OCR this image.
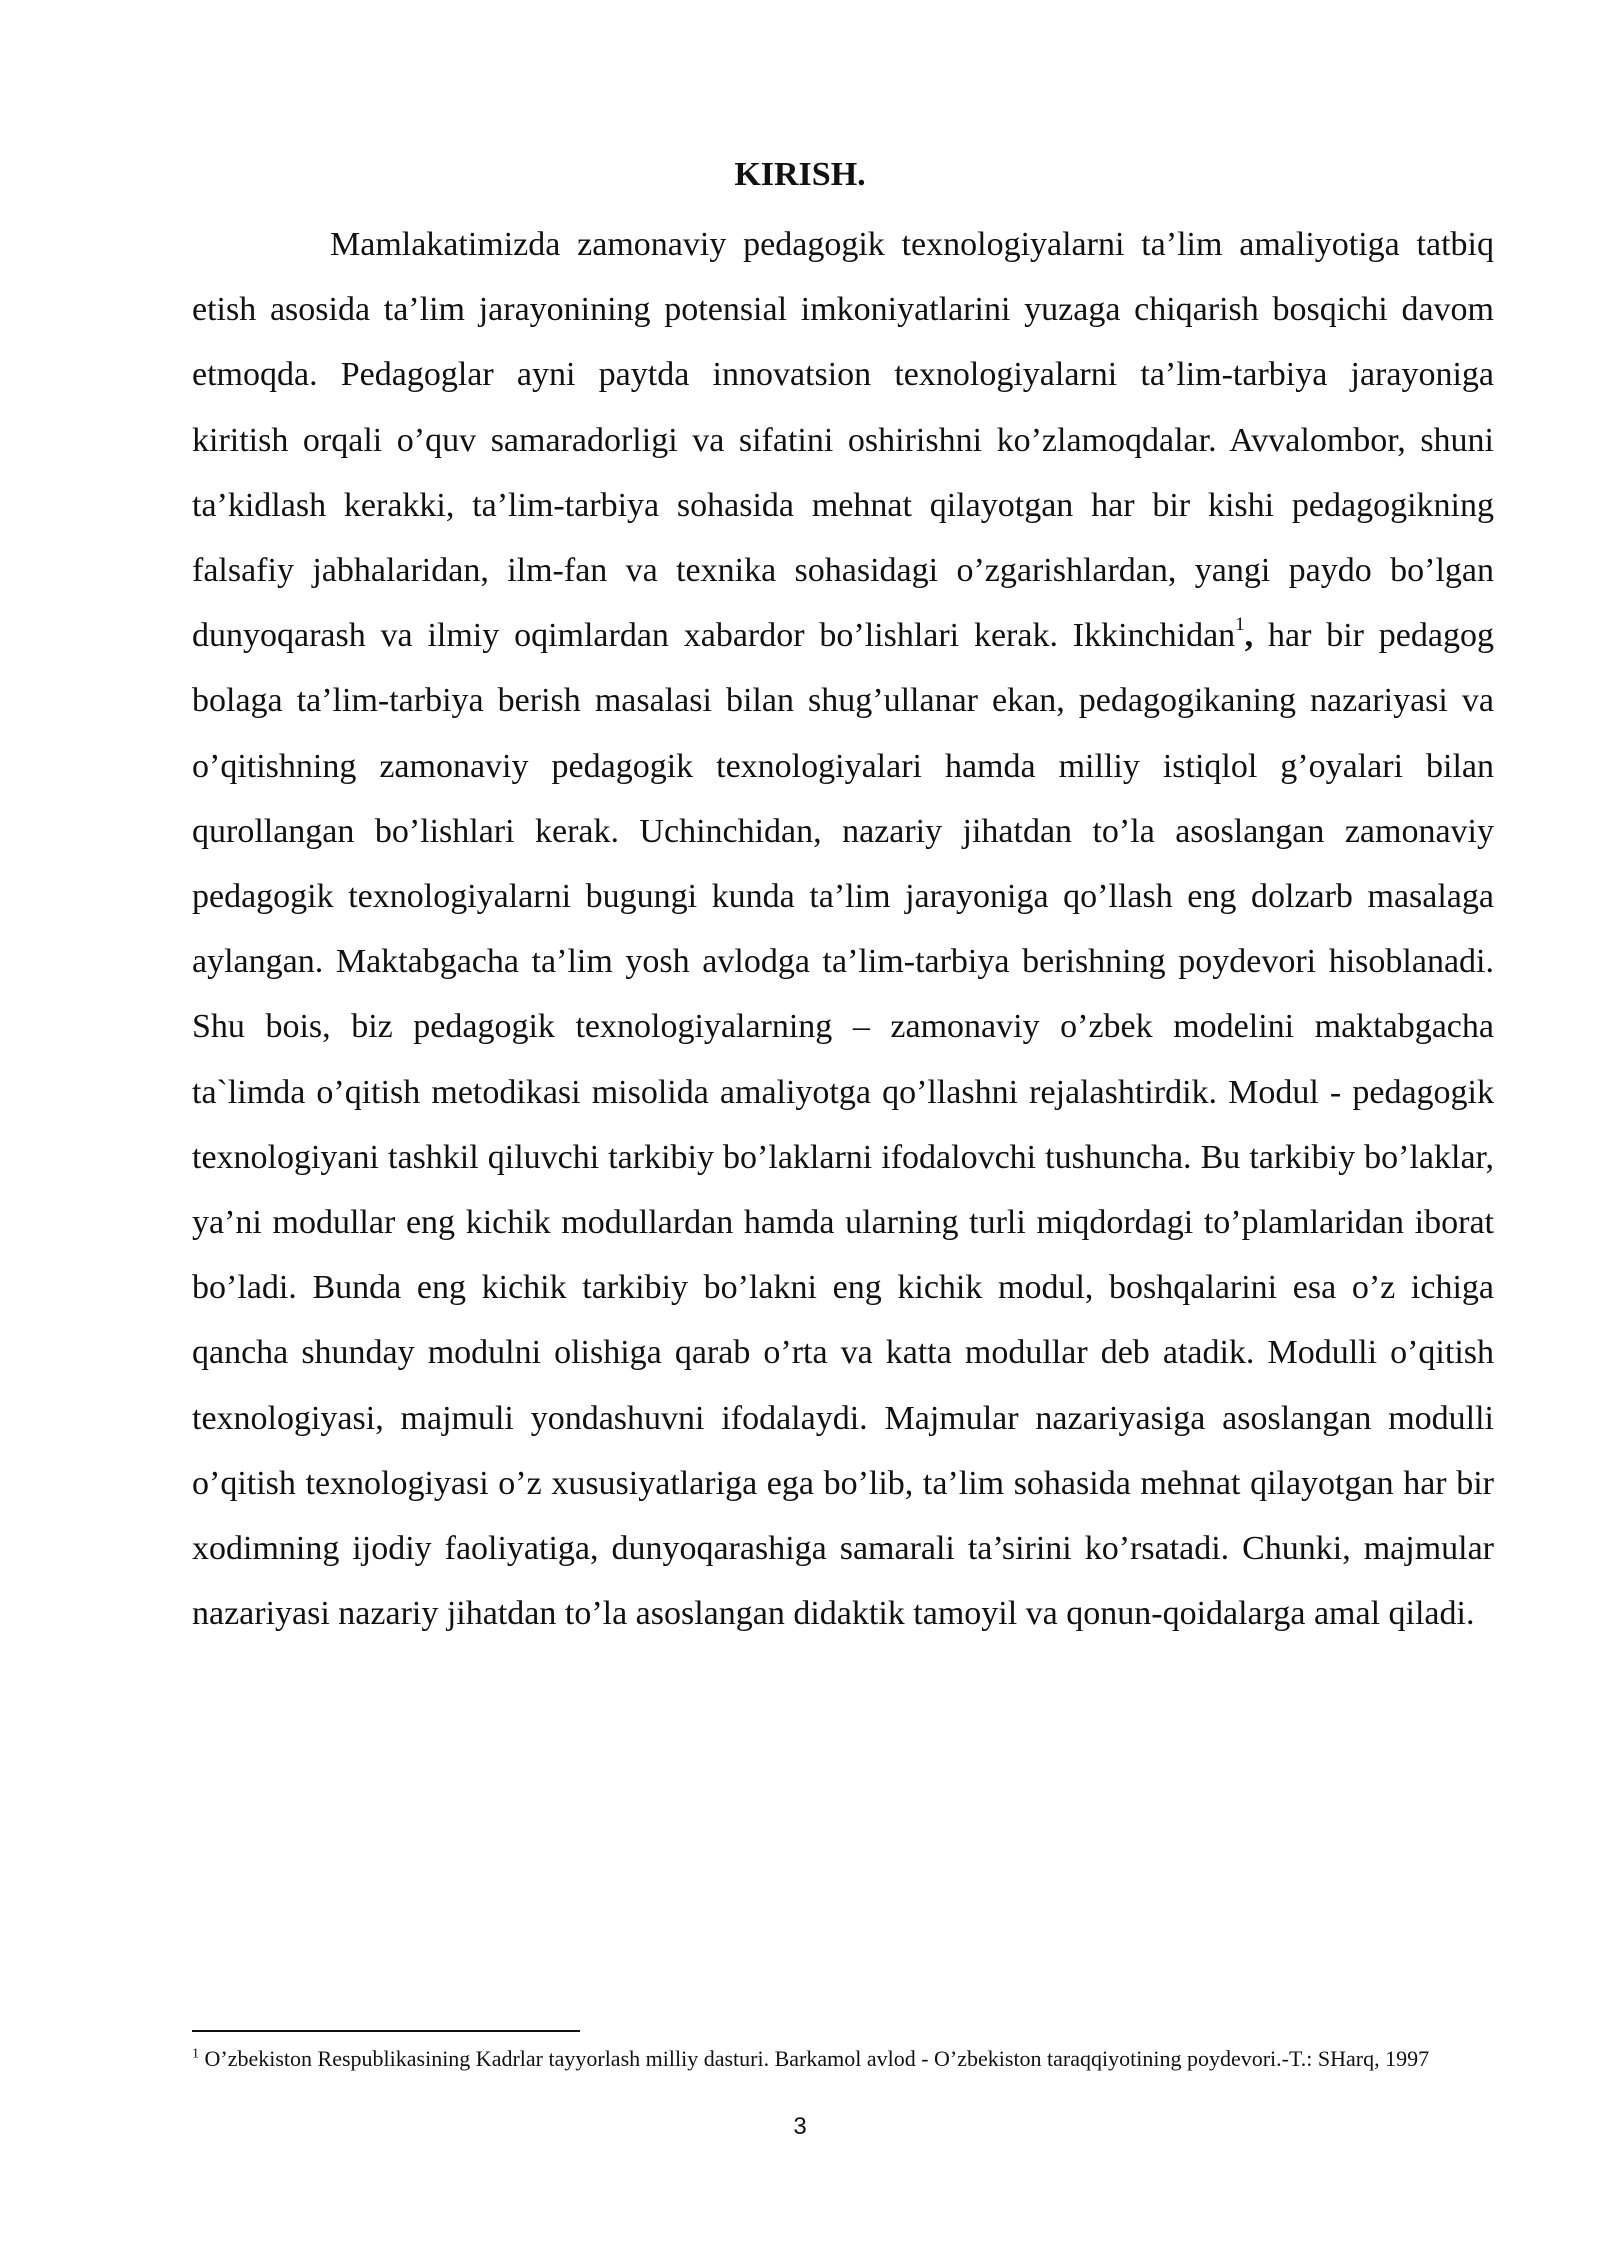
KIRISH.

Mamlakatimizda zamonaviy pedagogik texnologiyalarni ta’lim amaliyotiga tatbiq etish asosida ta’lim jarayonining potensial imkoniyatlarini yuzaga chiqarish bosqichi davom etmoqda. Pedagoglar ayni paytda innovatsion texnologiyalarni ta’lim-tarbiya jarayoniga kiritish orqali o’quv samaradorligi va sifatini oshirishni ko’zlamoqdalar. Avvalombor, shuni ta’kidlash kerakki, ta’lim-tarbiya sohasida mehnat qilayotgan har bir kishi pedagogikning falsafiy jabhalaridan, ilm-fan va texnika sohasidagi o’zgarishlardan, yangi paydo bo’lgan dunyoqarash va ilmiy oqimlardan xabardor bo’lishlari kerak. Ikkinchidan$^1$, har bir pedagog bolaga ta’lim-tarbiya berish masalasi bilan shug’ullanar ekan, pedagogikaning nazariyasi va o’qitishning zamonaviy pedagogik texnologiyalari hamda milliy istiqlol g’oyalari bilan qurollangan bo’lishlari kerak. Uchinchidan, nazariy jihatdan to’la asoslangan zamonaviy pedagogik texnologiyalarni bugungi kunda ta’lim jarayoniga qo’llash eng dolzarb masalaga aylangan. Maktabgacha ta’lim yosh avlodga ta’lim-tarbiya berishning poydevori hisoblanadi. Shu bois, biz pedagogik texnologiyalarning – zamonaviy o’zbek modelini maktabgacha ta`limda o’qitish metodikasi misolida amaliyotga qo’llashni rejalashtirdik. Modul - pedagogik texnologiyani tashkil qiluvchi tarkibiy bo’laklarni ifodalovchi tushuncha. Bu tarkibiy bo’laklar, ya’ni modullar eng kichik modullardan hamda ularning turli miqdordagi to’plamlaridan iborat bo’ladi. Bunda eng kichik tarkibiy bo’lakni eng kichik modul, boshqalarini esa o’z ichiga qancha shunday modulni olishiga qarab o’rta va katta modullar deb atadik. Modulli o’qitish texnologiyasi, majmuli yondashuvni ifodalaydi. Majmular nazariyasiga asoslangan modulli o’qitish texnologiyasi o’z xususiyatlariga ega bo’lib, ta’lim sohasida mehnat qilayotgan har bir xodimning ijodiy faoliyatiga, dunyoqarashiga samarali ta’sirini ko’rsatadi. Chunki, majmular nazariyasi nazariy jihatdan to’la asoslangan didaktik tamoyil va qonun-qoidalarga amal qiladi.

$^1$ O’zbekiston Respublikasining Kadrlar tayyorlash milliy dasturi. Barkamol avlod - O’zbekiston taraqqiyotining poydevori.-T.: SHarq, 1997

3
